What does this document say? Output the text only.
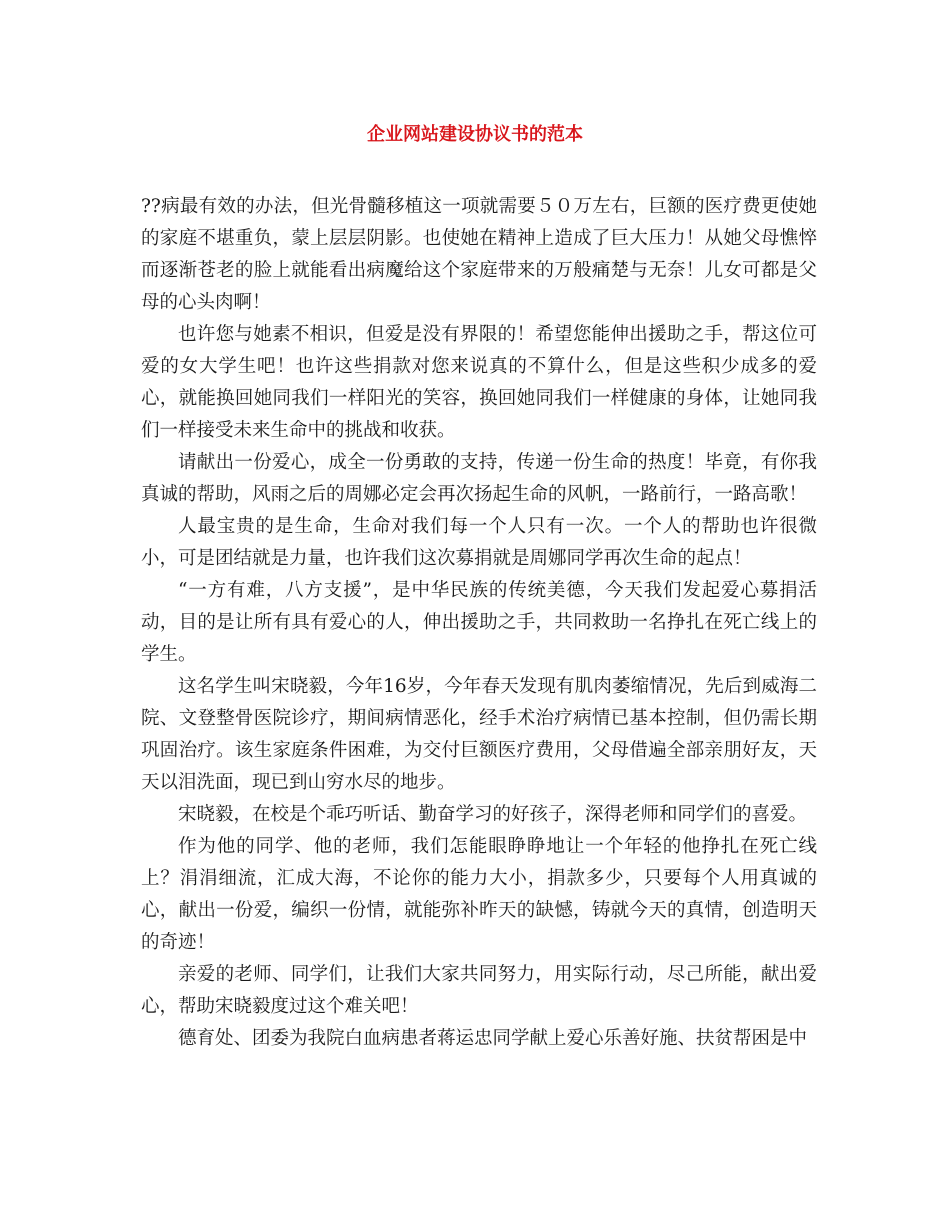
企业网站建设协议书的范本

??病最有效的办法，但光骨髓移植这一项就需要５０万左右，巨额的医疗费更使她的家庭不堪重负，蒙上层层阴影。也使她在精神上造成了巨大压力！从她父母憔悴而逐渐苍老的脸上就能看出病魔给这个家庭带来的万般痛楚与无奈！儿女可都是父母的心头肉啊！

也许您与她素不相识，但爱是没有界限的！希望您能伸出援助之手，帮这位可爱的女大学生吧！也许这些捐款对您来说真的不算什么，但是这些积少成多的爱心，就能换回她同我们一样阳光的笑容，换回她同我们一样健康的身体，让她同我们一样接受未来生命中的挑战和收获。

请献出一份爱心，成全一份勇敢的支持，传递一份生命的热度！毕竟，有你我真诚的帮助，风雨之后的周娜必定会再次扬起生命的风帆，一路前行，一路高歌！

人最宝贵的是生命，生命对我们每一个人只有一次。一个人的帮助也许很微小，可是团结就是力量，也许我们这次募捐就是周娜同学再次生命的起点！

“一方有难，八方支援”，是中华民族的传统美德，今天我们发起爱心募捐活动，目的是让所有具有爱心的人，伸出援助之手，共同救助一名挣扎在死亡线上的学生。

这名学生叫宋晓毅，今年16岁，今年春天发现有肌肉萎缩情况，先后到威海二院、文登整骨医院诊疗，期间病情恶化，经手术治疗病情已基本控制，但仍需长期巩固治疗。该生家庭条件困难，为交付巨额医疗费用，父母借遍全部亲朋好友，天天以泪洗面，现已到山穷水尽的地步。

宋晓毅，在校是个乖巧听话、勤奋学习的好孩子，深得老师和同学们的喜爱。

作为他的同学、他的老师，我们怎能眼睁睁地让一个年轻的他挣扎在死亡线上？涓涓细流，汇成大海，不论你的能力大小，捐款多少，只要每个人用真诚的心，献出一份爱，编织一份情，就能弥补昨天的缺憾，铸就今天的真情，创造明天的奇迹！

亲爱的老师、同学们，让我们大家共同努力，用实际行动，尽己所能，献出爱心，帮助宋晓毅度过这个难关吧！

德育处、团委为我院白血病患者蒋运忠同学献上爱心乐善好施、扶贫帮困是中
